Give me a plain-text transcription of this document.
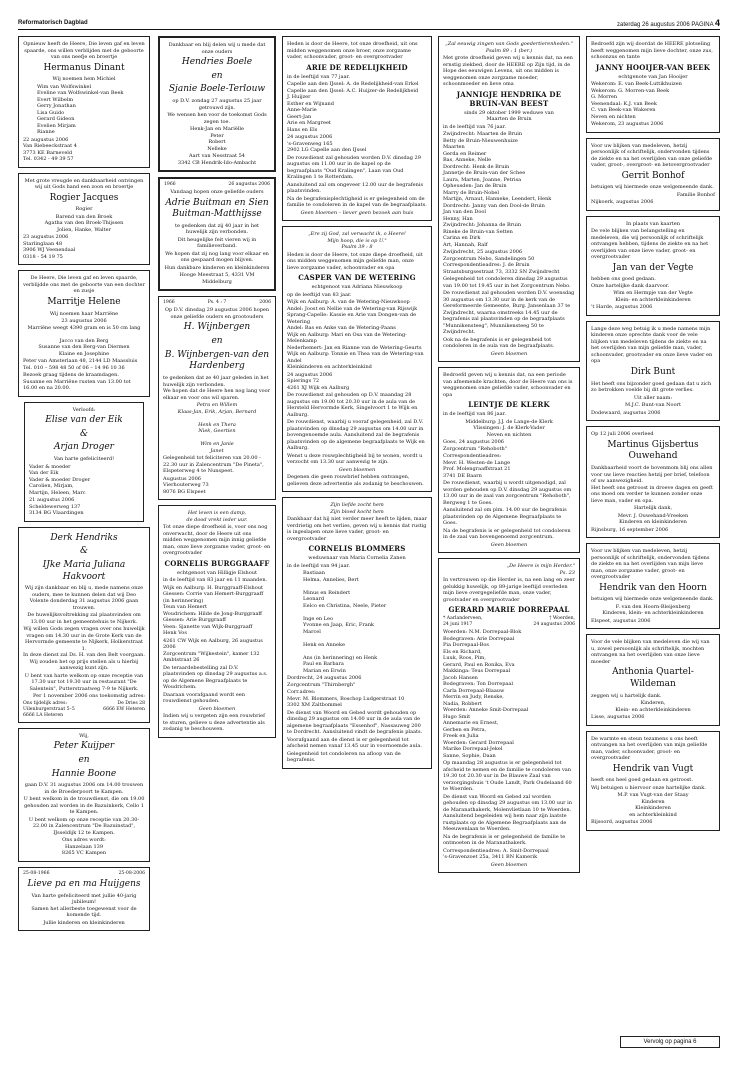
Reformatorisch Dagblad	zaterdag 26 augustus 2006 PAGINA 4

Opnieuw heeft de Heere, Die leven gaf en leven spaarde, ons willen verblijden met de geboorte van ons neefje en broertje

Hermanus Dinant

Wij noemen hem Michiel

Wim van Wolfswinkel
Eveline van Wolfswinkel-van Beek
Evert Wilbelm
Gerry Jonathan
Lisa Guido
Gerard Gideon
Evelien Mirjam
Rianne

22 augustus 2006
Van Riebeeckstraat 4
3773 KE Barneveld
Tel. 0342 - 49 39 57

Met grote vreugde en dankbaarheid ontvingen wij uit Gods hand een zoon en broertje

Rogier Jacques

Rogier

Barend van den Broek
Agatha van den Broek-Thijssen
Jolien, Hanke, Walter

23 augustus 2006
Starlinglaan 48
3906 WJ Veenendaal
0318 - 54 19 75

De Heere, Die leven gaf en leven spaarde, verblijdde ons met de geboorte van een dochter en zusje

Marritje Helene

Wij noemen haar Marriëne

23 augustus 2006
Marriëne weegt 4390 gram en is 50 cm lang

Jacco van den Berg
Susanne van den Berg-van Diermen
Klaine en Josephine

Peter van Amsterlaan 48, 2144 LD Maassluis
Tel. 010 – 598 48 50 of 06 – 14 96 10 36

Bezoek graag tijdens de kraamdagen.
Susanne en Marriëne rusten van 13.00 tot 16.00 en na 20.00.

Verloofd:

Elise van der Eik

&

Arjan Droger

Van harte gefeliciteerd!

Vader & moeder
Van der Eik
Vader & moeder Droger
Carolien, Mirjam,
Martijn, Heleen, Marc

21 augustus 2006
Scheldewerweg 137
3134 BG Vlaardingen

Derk Hendriks

&

IJke Maria Juliana Hakvoort

Wij zijn dankbaar en blij u, mede namens onze ouders, mee te kunnen delen dat wij Deo Volente donderdag 31 augustus 2006 gaan trouwen.

De huwelijksvoltrekking zal plaatsvinden om 13.00 uur in het gemeentehuis te Nijkerk.

Wij willen Gods zegen vragen over ons huwelijk vragen om 14.30 uur in de Grote Kerk van de Hervormde gemeente te Nijkerk, Holkerstraat 1.
In deze dienst zal Ds. H. van den Belt voorgaan. Wij zouden het op prijs stellen als u hierbij aanwezig kunt zijn.

U bent van harte welkom op onze receptie van 17.30 uur tot 19.30 uur in restaurant "De Salentein", Putterstraatweg 7-9 te Nijkerk.

Per 1 november 2006 ons toekomstig adres:

Ons tijdelijk adres:
Uilenburgerstraat 5–5
6666 LA Heteren
De Dries 28
6666 EW Heteren

Wij,

Peter Kuijper

en

Hannie Boone

gaan D.V. 31 augustus 2006 om 14.00 trouwen in de Broederpoort te Kampen.

U bent welkom in de trouwdienst, die om 19.00 gehouden zal worden in de Bazuinkerk, Cello 1 te Kampen.

U bent welkom op onze receptie van 20.30-22.00 in Zalencentrum "De Bazuinstad", IJsseldijk 12 te Kampen.

Ons adres wordt:
Hanzelaan 139
8265 VC Kampen

25-08-1966	25-08-2006

Lieve pa en ma Huijgens

Van harte gefeliciteerd met jullie 40-jarig jubileum!
Samen het allerbeste toegewenst voor de komende tijd.

Jullie kinderen en kleinkinderen

Dankbaar en blij delen wij u mede dat onze ouders

Hendries Boele

en

Sjanie Boele-Terlouw

op D.V. zondag 27 augustus 25 jaar getrouwd zijn.

We wensen hen voor de toekomst Gods zegen toe.

Henk-Jan en Mariëlle
Peter
Robert
Nelleke

Aart van Nesstraat 54
3342 CB Hendrik-Ido-Ambacht

1966	26 augustus 2006

Vandaag hopen onze geliefde ouders

Adrie Buitman en Sien Buitman-Matthijsse

te gedenken dat zij 40 jaar in het huwelijk zijn verbonden.

Dit heugelijke feit vieren wij in familieverband.

We hopen dat zij nog lang voor elkaar en ons gespaard mogen blijven.

Hun dankbare kinderen en kleinkinderen

Hooge Meestraat 5, 4331 VM Middelburg

1966	Ps. 4 : 7	2006

Op D.V. dinsdag 29 augustus 2006 hopen onze geliefde ouders en grootouders

H. Wijnbergen

en

B. Wijnbergen-van den Hardenberg

te gedenken dat ze 40 jaar geleden in het huwelijk zijn verbonden.
We hopen dat de Heere hen nog lang voor elkaar en voor ons wil sparen.

Petra en Willem
Klaas-Jan, Erik, Arjan, Bernard

Henk en Thera
Niek, Geertien

Wim en Janie
Janet

Gelegenheid tot feliciteren van 20.00 - 22.30 uur in Zalencentrum "De Pineta", Elspeterweg 4 te Nunspeet.

Augustus 2006
Vierhouterweg 73
8076 BG Elspeet

Het leven is een damp,
de dood vrekt ieder uur.

Tot onze diepe droefheid is, voor ons nog onverwacht, door de Heere uit ons midden weggenomen mijn innig geliefde man, onze lieve zorgzame vader, groot- en overgrootvader

CORNELIS BURGGRAAFF

echtgenoot van Hilligje Elshout

in de leeftijd van 83 jaar en 11 maanden.

Wijk en Aalburg: H. Burggraaff-Elshout
Giessen: Corrie van Hemert-Burggraaff (in herinnering)
Teun van Hemert
Woudrichem: Hilde de Jong-Burggraaff
Giessen: Arie Burggraaff
Veen: Sjanette van Wijk-Burggraaff
Henk Vos

4261 CW Wijk en Aalburg, 26 augustus 2006
Zorgcentrum "Wijkestein", kamer 132
Ambtstraat 26

De teraardebestelling zal D.V. plaatsvinden op dinsdag 29 augustus a.s. op de Algemene Begraafplaats te Woudrichem.

Daaraan voorafgaand wordt een rouwdienst gehouden.

Geen bloemen

Indien wij u vergeten zijn een rouwbrief te sturen, gelieve u deze advertentie als zodanig te beschouwen.

Heden is door de Heere, tot onze droefheid, uit ons midden weggenomen onze broer, onze zorgzame vader, schoonvader, groot- en overgrootvader

ARIE DE REDELIJKHEID

in de leeftijd van 77 jaar.

Capelle aan den IJssel: A. de Redelijkheid-van Erkel
Capelle aan den IJssel: A.C. Huijzer-de Redelijkheid
J. Huijzer
Esther en Wijnand
Anne-Marie
Geert-Jan
Arie en Margreet
Hans en Els

24 augustus 2006
's-Gravenweg 165
2902 LG Capelle aan den IJssel

De rouwdienst zal gehouden worden D.V. dinsdag 29 augustus om 11.00 uur in de kapel op de begraafplaats "Oud Kralingen", Laan van Oud Kralingen 1 te Rotterdam.

Aansluitend zal om ongeveer 12.00 uur de begrafenis plaatsvinden.

Na de begrafenisplechtigheid is er gelegenheid om de familie te condoleren in de kapel van de begraafplaats.

Geen bloemen – liever geen bezoek aan huis

„Ere zij God, zal verwacht ik, o Heere!
Mijn hoop, die is op U."
Psalm 39 : 8

Heden is door de Heere, tot onze diepe droefheid, uit ons midden weggenomen mijn geliefde man, onze lieve zorgzame vader, schoonvader en opa

CASPER VAN DE WETERING

echtgenoot van Adriana Nieuwkoop

op de leeftijd van 83 jaar.

Wijk en Aalburg: A. van de Wetering-Nieuwkoop
Andel: Joost en Nellie van de Wetering-van Rijswijk
Sprang-Capelle: Kassie en Arie van Dongen-van de Wetering
Andel: Bas en Anke van de Wetering-Paans
Wijk en Aalburg: Mari en Osa van de Wetering-Melenkamp
Nederhemert: Jan en Rianne van de Wetering-Geurts
Wijk en Aalburg: Tonnie en Thea van de Wetering-van Andel
Kleinkinderen en achterkleinkind

24 augustus 2006
Spierings 72
4261 XJ Wijk en Aalburg

De rouwdienst zal gehouden op D.V. maandag 28 augustus om 19.00 tot 20.30 uur in de aula van de Hersteld Hervormde Kerk, Singelvoort 1 te Wijk en Aalburg.

De rouwdienst, waarbij u vooraf gelegenheid, zal D.V. plaatsvinden op dinsdag 29 augustus om 14.00 uur in bovengenoemde aula. Aansluitend zal de begrafenis plaatsvinden op de algemene begraafplaats te Wijk en Aalburg.

Wenst u deze rouwplechtigheid bij te wonen, wordt u verzocht om 13.30 uur aanwezig te zijn.

Geen bloemen

Degenen die geen rouwbrief hebben ontvangen, gelieven deze advertentie als zodanig te beschouwen.

Zijn liefde zocht hem
Zijn bloed kocht hem

Dankbaar dat hij niet verder meer heeft te lijden, maar verdrietig om het verlies, geven wij u kennis dat rustig is ingeslapen onze lieve vader, groot- en overgrootvader

CORNELIS BLOMMERS

weduwnaar van Maria Cornelia Zanen

in de leeftijd van 94 jaar.

Bastiaan
Helma, Annelies, Bert

Minus en Reindert
Leonard
Eelco en Christina, Neele, Pieter

Inge en Leo
Yvonne en Jaap, Eric, Frank
Marcel

Henk en Anneke

Ans (in herinnering) en Henk
Paul en Barbara
Marian en Erwin

Dordrecht, 24 augustus 2006
Zorgcentrum "Thirnbergh"

Corr.adres:
Mevr. M. Blommers, Boschop Ludgerstraat 10
3302 XM Zaltbommel

De dienst van Woord en Gebed wordt gehouden op dinsdag 29 augustus om 14.00 uur in de aula van de algemene begraafplaats "Essenhof", Nassauweg 200 te Dordrecht. Aansluitend vindt de begrafenis plaats.

Voorafgaand aan de dienst is er gelegenheid tot afscheid nemen vanaf 13.45 uur in voornoemde aula.

Gelegenheid tot condoleren na afloop van de begrafenis.

„Zal eeuwig zingen van Gods goedertierenheden."
Psalm 89 : 1 (ber.)

Met grote droefheid geven wij u kennis dat, na een ernstig ziekbed, door de HEERE op Zijn tijd, in de Hope des eeuwigen Levens, uit ons midden is weggenomen onze zorgzame moeder, schoonmoeder en lieve oma

JANNIGJE HENDRIKA DE BRUIN-VAN BEEST

sinds 29 oktober 1999 weduwe van
Maarten de Bruin

in de leeftijd van 76 jaar.

Zwijndrecht: Maarten de Bruin
Betty de Bruin-Nieuwenhuize
Maarten
Gerda en Reimer
Bas, Anneke, Nelle
Dordrecht: Henk de Bruin
Jannetje de Bruin-van der Schee
Laura, Marten, Joanne, Petrisa
Opheusden: Jan de Bruin
Marry de Bruin-Nobel
Martijn, Arnaut, Hanneke, Leendert, Henk
Dordrecht: Janny van den Dool-de Bruin
Jan van den Dool
Henny, Han
Zwijndrecht: Johanna de Bruin
Rineke de Bruin-van Setten
Carina en Dirk
Art, Hannah, Ralf

Zwijndrecht, 25 augustus 2006
Zorgcentrum Nebo, Sandelingen 50
Correspondentieadres: J. de Bruin
Straatsburgsestraat 73, 3332 SN Zwijndrecht

Gelegenheid tot condoleren dinsdag 29 augustus van 19.00 tot 19.45 uur in het Zorgcentrum Nebo.

De rouwdienst zal gehouden worden D.V. woensdag 30 augustus om 13.30 uur in de kerk van de Gereformeerde Gemeente, Burg. Jansenlaan 37 te Zwijndrecht, waarna omstreeks 14.45 uur de begrafenis zal plaatsvinden op de begraafplaats "Munnikensteeg", Munnikensteeg 50 te Zwijndrecht.

Ook na de begrafenis is er gelegenheid tot condoleren in de aula van de begraafplaats.

Geen bloemen

Bedroefd geven wij u kennis dat, na een periode van afnemende krachten, door de Heere van ons is weggenomen onze geliefde vader, schoonvader en opa

LEINTJE DE KLERK

in de leeftijd van 86 jaar.

Middelburg: J.J. de Lange-de Klerk
Vlissingen: J. de Klerk-Vader
Neven en nichten

Goes, 24 augustus 2006
Zorgcentrum "Rehoboth"

Correspondentieadres:
Mevr. H. Westen-de Lange
Prof. Molengraaffstraat 21
3741 DE Baarn

De rouwdienst, waarbij u wordt uitgenodigd, zal worden gehouden op D.V. dinsdag 29 augustus om 13.00 uur in de zaal van zorgcentrum "Rehoboth", Bergweg 1 te Goes.

Aansluitend zal om plm. 14.00 uur de begrafenis plaatsvinden op de Algemene Begraafplaats te Goes.

Na de begrafenis is er gelegenheid tot condoleren in de zaal van bovengenoemd zorgcentrum.

Geen bloemen

„De Heere is mijn Herder."
Ps. 23

In vertrouwen op die Herder is, na een lang en zeer gelukkig huwelijk, op 89-jarige leeftijd overleden mijn lieve overgegeliefde man, onze vader, grootvader en overgrootvader

GERARD MARIE DORREPAAL

* Aarlanderveen,
24 juni 1917
† Woerden,
24 augustus 2006

Woerden: N.M. Dorrepaal-Blok
Bodegraven: Arie Dorrepaal
Pia Dorrepaal-Bos
Els en Richard,
Luuk, Roos, Pim,
Gerard, Paul en Ronika, Eva
Makkinga: Teus Dorrepaal
Jacob Hansen
Bodegraven: Ton Dorrepaal
Carla Dorrepaal-Blaauw
Merrin en Judy, Renske,
Nadia, Robbert
Woerden: Anneke Smit-Dorrepaal
Hugo Smit
Annemarie en Ernest,
Gerben en Petra,
Freek en Julia
Woerden: Gerard Dorrepaal
Marike Dorrepaal-Jekel
Sanne, Sophie, Daan

Op maandag 28 augustus is er gelegenheid tot afscheid te nemen en de familie te condoleren van 19.30 tot 20.30 uur in De Blauwe Zaal van verzorgingshuis 't Oude Landt, Park Oudelaand 60 te Woerden.

De dienst van Woord en Gebed zal worden gehouden op dinsdag 29 augustus om 13.00 uur in de Maranathakerk, Molenvlietlaan 10 te Woerden. Aansluitend begeleiden wij hem naar zijn laatste rustplaats op de Algemene Begraafplaats aan de Meeuwenlaan te Woerden.

Na de begrafenis is er gelegenheid de familie te ontmoeten in de Maranathakerk.

Correspondentieadres: A. Smit-Dorrepaal
's-Gravenzoet 25a, 3411 BN Kamerik

Geen bloemen

Bedroefd zijn wij doordat de HEERE plotseling heeft weggenomen mijn lieve dochter, onze zus, schoonzus en tante

JANNY HOOIJER-VAN BEEK

echtgenote van Jan Hooijer

Wekerom: E. van Beek-Luttikhuizen
Wekerom: G. Morren-van Beek
G. Morren
Veenendaal: K.J. van Beek
C. van Beek-van Wakeren
Neven en nichten

Wekerom, 23 augustus 2006

Voor uw blijken van medeleven, hetzij persoonlijk of schriftelijk, ondervonden tijdens de ziekte en na het overlijden van onze geliefde vader, groot-, overgroot- en betovergrootvader

Gerrit Bonhof

betuigen wij hiermede onze welgemeende dank.

Familie Bonhof

Nijkoerk, augustus 2006

In plaats van kaarten

De vele blijken van belangstelling en medeleven, die wij persoonlijk of schriftelijk ontvangen hebben, tijdens de ziekte en na het overlijden van onze lieve vader, groot- en overgrootvader

Jan van der Vegte

hebben ons goed gedaan.
Onze hartelijke dank daarvoor.

Wim en Hermpje van der Vegte
Klein- en achterkleinkinderen

't Harde, augustus 2006

Lange deze weg betuig ik u mede namens mijn kinderen onze oprechte dank voor de vele blijken van medeleven tijdens de ziekte en na het overlijden van mijn geliefde man, vader, schoonvader, grootvader en onze lieve vader en opa

Dirk Bunt

Het heeft ons bijzonder goed gedaan dat u zich zo betrokken voelde bij dit grote verlies.

Uit aller naam:

M.J.C. Bunt-van Noort

Dodewaard, augustus 2006

Op 12 juli 2006 overleed

Martinus Gijsbertus Ouwehand

Dankbaarheid voort de bovenmom blij ons allen voor uw lieve reacties hetzij per brief, telefoon of uw aanwezigheid.
Het heeft ons getroost in droeve dagen en geeft ons moed om verder te kunnen zonder onze lieve man, vader en opa.

Hartelijk dank,

Mevr. J. Ouwehand-Vreeken
Kinderen en kleinkinderen

Rijnsburg, 16 september 2006

Voor uw blijken van medeleven, hetzij persoonlijk of schriftelijk, ondervonden tijdens de ziekte en na het overlijden van mijn lieve man, onze zorgzame vader, groot- en overgrootvader

Hendrik van den Hoorn

betuigen wij hiermede onze welgemeende dank.

F. van den Hoorn-Bleijenberg
Kinderen, klein- en achterkleinkinderen

Elspeet, augustus 2006

Voor de vele blijken van medeleven die wij van u, zowel persoonlijk als schriftelijk, mochten ontvangen na het overlijden van onze lieve moeder

Anthonia Quartel-Wildeman

zeggen wij u hartelijk dank.

Kinderen,
Klein- en achterkleinkinderen

Lisse, augustus 2006

De warmte en steun tezamens u ons heeft ontvangen na het overlijden van mijn geliefde man, vader, schoonvader, groot- en overgrootvader

Hendrik van Vugt

heeft ons heel goed gedaan en getroost.

Wij betuigen u hiervoor onze hartelijke dank.

M.P. van Vugt-van der Staay
Kinderen
Kleinkinderen
en achterkleinkind

Bijsoord, augustus 2006

Vervolg op pagina 6
